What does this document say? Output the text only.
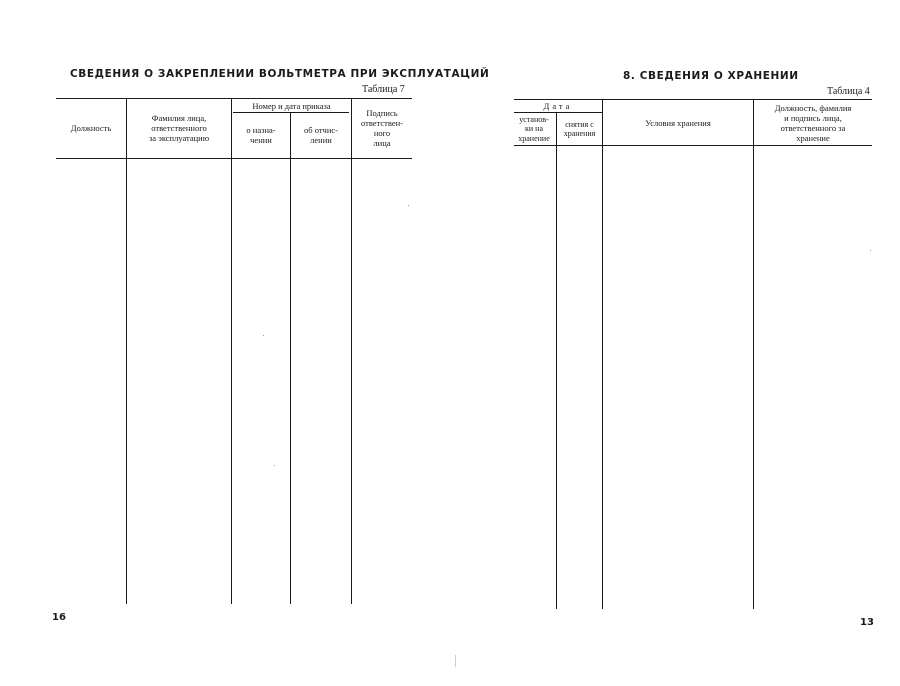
СВЕДЕНИЯ О ЗАКРЕПЛЕНИИ ВОЛЬТМЕТРА ПРИ ЭКСПЛУАТАЦИЙ
Таблица 7
Должность
Фамилия лица,
ответственного
за эксплуатацию
Номер и дата приказа
о назна-
чении
об отчис-
лении
Подпись
ответствен-
ного
лица
16
8. СВЕДЕНИЯ О ХРАНЕНИИ
Таблица 4
Дата
установ-
ки на
хранение
снятия с
хранения
Условия хранения
Должность, фамилия
и подпись лица,
ответственного за
хранение
13
